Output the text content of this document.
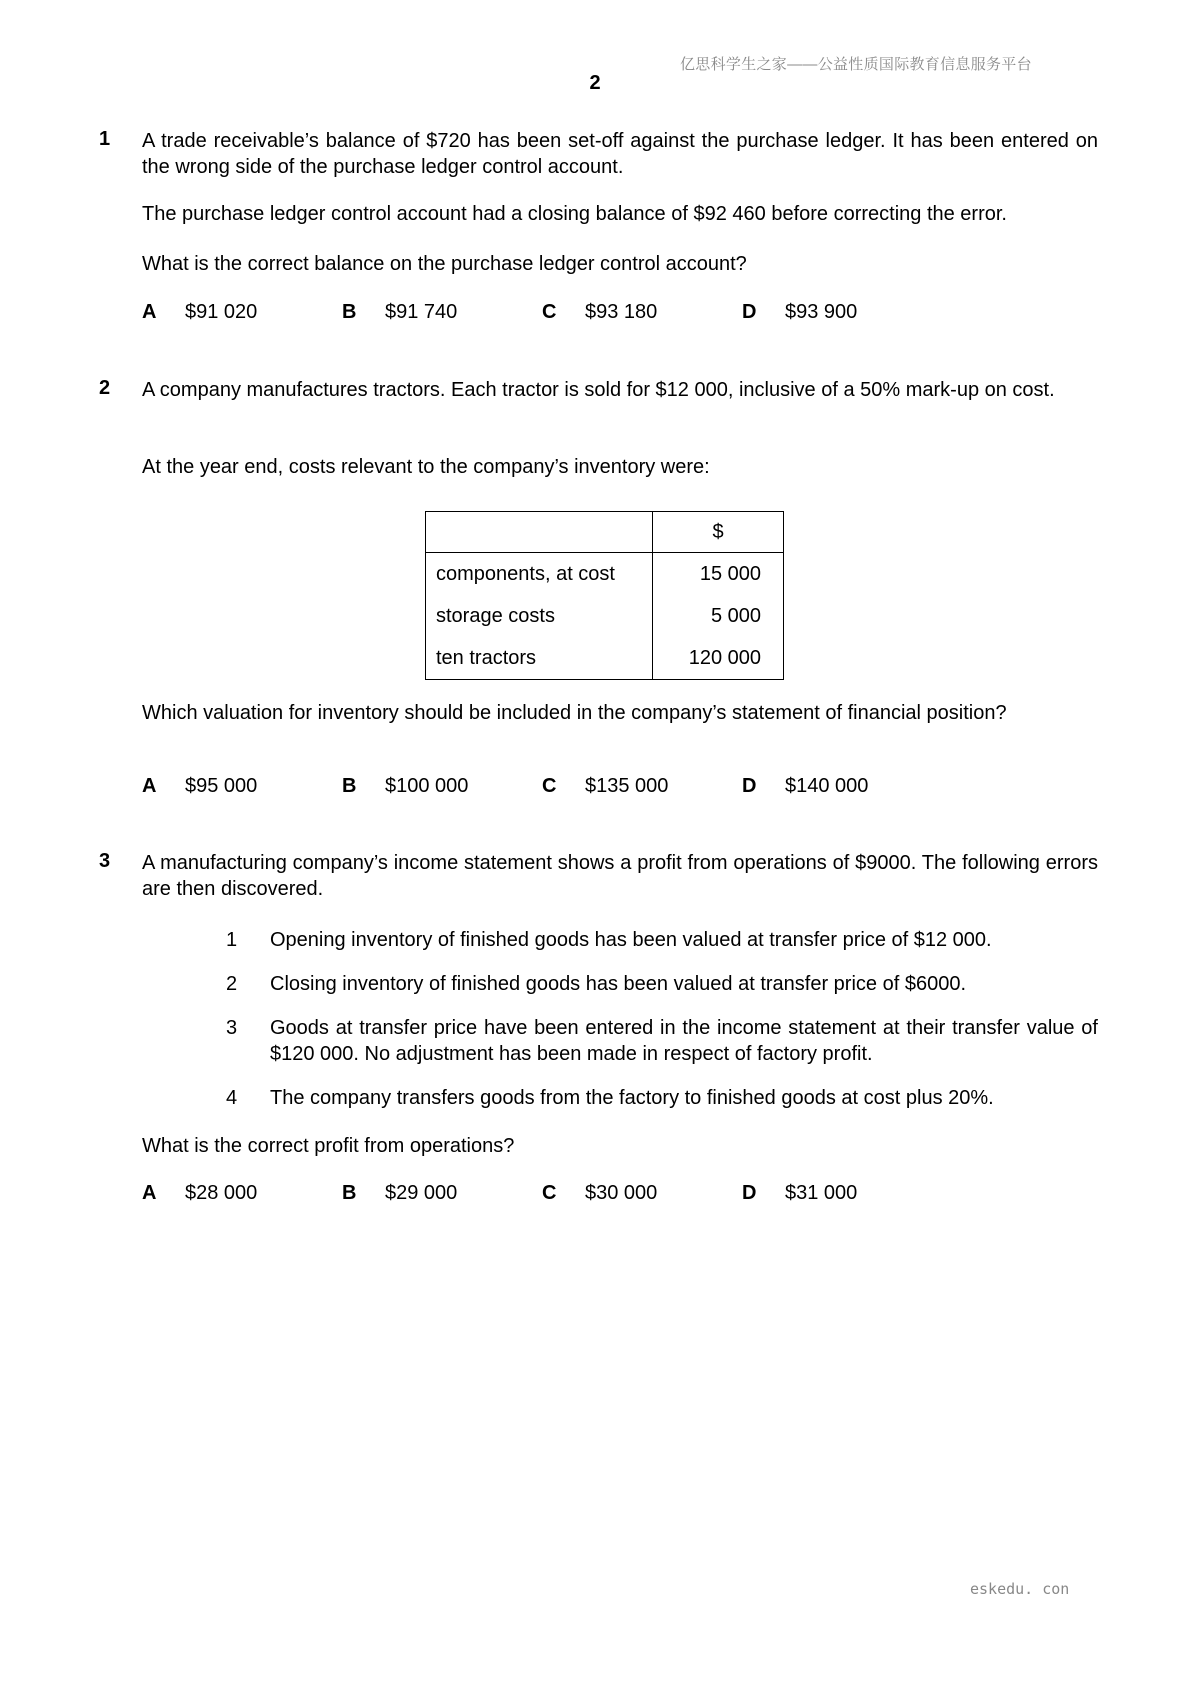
亿思科学生之家——公益性质国际教育信息服务平台
2
1 A trade receivable’s balance of $720 has been set-off against the purchase ledger. It has been entered on the wrong side of the purchase ledger control account.
The purchase ledger control account had a closing balance of $92 460 before correcting the error.
What is the correct balance on the purchase ledger control account?
A	$91 020	B	$91 740	C	$93 180	D	$93 900
2 A company manufactures tractors. Each tractor is sold for $12 000, inclusive of a 50% mark-up on cost.
At the year end, costs relevant to the company’s inventory were:
	$
components, at cost	15 000
storage costs	5 000
ten tractors	120 000
Which valuation for inventory should be included in the company’s statement of financial position?
A	$95 000	B	$100 000	C	$135 000	D	$140 000
3 A manufacturing company’s income statement shows a profit from operations of $9000. The following errors are then discovered.
1	Opening inventory of finished goods has been valued at transfer price of $12 000.
2	Closing inventory of finished goods has been valued at transfer price of $6000.
3	Goods at transfer price have been entered in the income statement at their transfer value of $120 000. No adjustment has been made in respect of factory profit.
4	The company transfers goods from the factory to finished goods at cost plus 20%.
What is the correct profit from operations?
A	$28 000	B	$29 000	C	$30 000	D	$31 000
eskedu. con
